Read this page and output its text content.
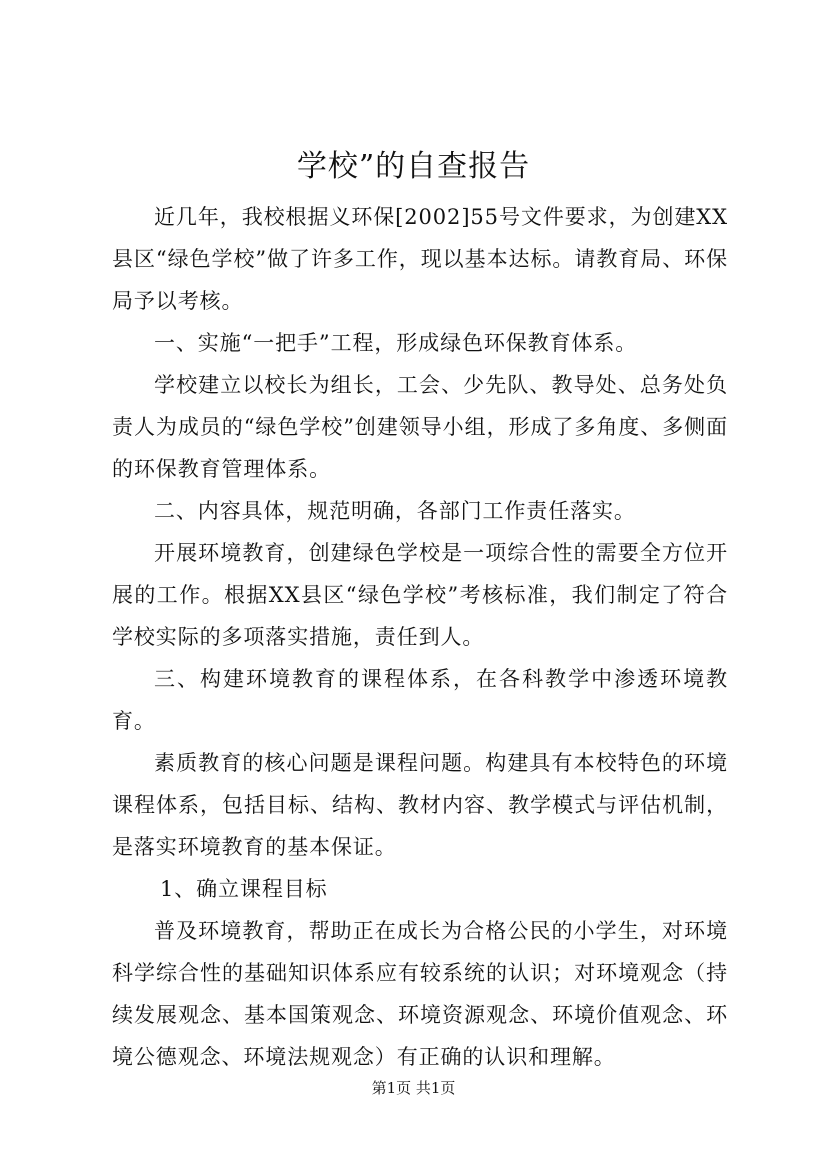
学校”的自查报告

近几年，我校根据义环保[2002]55号文件要求，为创建XX县区“绿色学校”做了许多工作，现以基本达标。请教育局、环保局予以考核。

一、实施“一把手”工程，形成绿色环保教育体系。

学校建立以校长为组长，工会、少先队、教导处、总务处负责人为成员的“绿色学校”创建领导小组，形成了多角度、多侧面的环保教育管理体系。

二、内容具体，规范明确，各部门工作责任落实。

开展环境教育，创建绿色学校是一项综合性的需要全方位开展的工作。根据XX县区“绿色学校”考核标准，我们制定了符合学校实际的多项落实措施，责任到人。

三、构建环境教育的课程体系，在各科教学中渗透环境教育。

素质教育的核心问题是课程问题。构建具有本校特色的环境课程体系，包括目标、结构、教材内容、教学模式与评估机制，是落实环境教育的基本保证。

1、确立课程目标

普及环境教育，帮助正在成长为合格公民的小学生，对环境科学综合性的基础知识体系应有较系统的认识；对环境观念（持续发展观念、基本国策观念、环境资源观念、环境价值观念、环境公德观念、环境法规观念）有正确的认识和理解。

第1页 共1页
